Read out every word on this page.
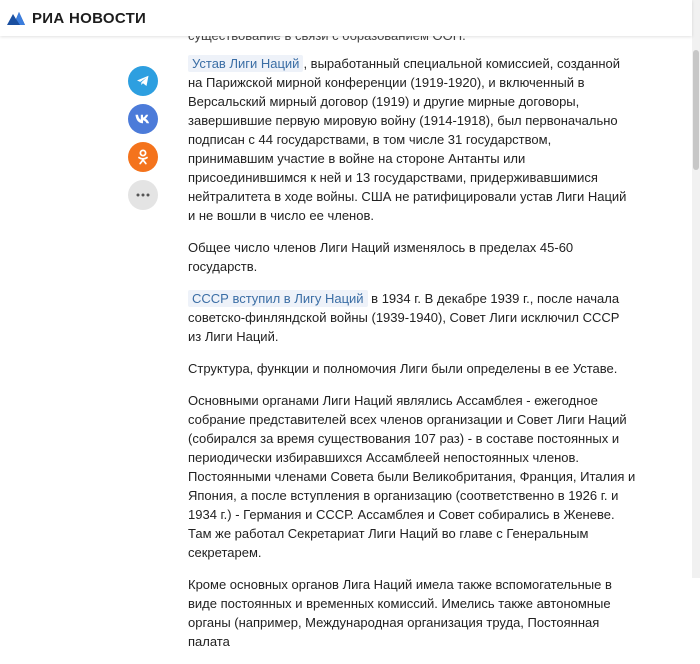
РИА НОВОСТИ

Устав Лиги Наций , выработанный специальной комиссией, созданной на Парижской мирной конференции (1919-1920), и включенный в Версальский мирный договор (1919) и другие мирные договоры, завершившие первую мировую войну (1914-1918), был первоначально подписан с 44 государствами, в том числе 31 государством, принимавшим участие в войне на стороне Антанты или присоединившимся к ней и 13 государствами, придерживавшимися нейтралитета в ходе войны. США не ратифицировали устав Лиги Наций и не вошли в число ее членов.

Общее число членов Лиги Наций изменялось в пределах 45-60 государств.

СССР вступил в Лигу Наций в 1934 г. В декабре 1939 г., после начала советско-финляндской войны (1939-1940), Совет Лиги исключил СССР из Лиги Наций.

Структура, функции и полномочия Лиги были определены в ее Уставе.

Основными органами Лиги Наций являлись Ассамблея - ежегодное собрание представителей всех членов организации и Совет Лиги Наций (собирался за время существования 107 раз) - в составе постоянных и периодически избиравшихся Ассамблеей непостоянных членов. Постоянными членами Совета были Великобритания, Франция, Италия и Япония, а после вступления в организацию (соответственно в 1926 г. и 1934 г.) - Германия и СССР. Ассамблея и Совет собирались в Женеве. Там же работал Секретариат Лиги Наций во главе с Генеральным секретарем.

Кроме основных органов Лига Наций имела также вспомогательные в виде постоянных и временных комиссий. Имелись также автономные органы (например, Международная организация труда, Постоянная палата
